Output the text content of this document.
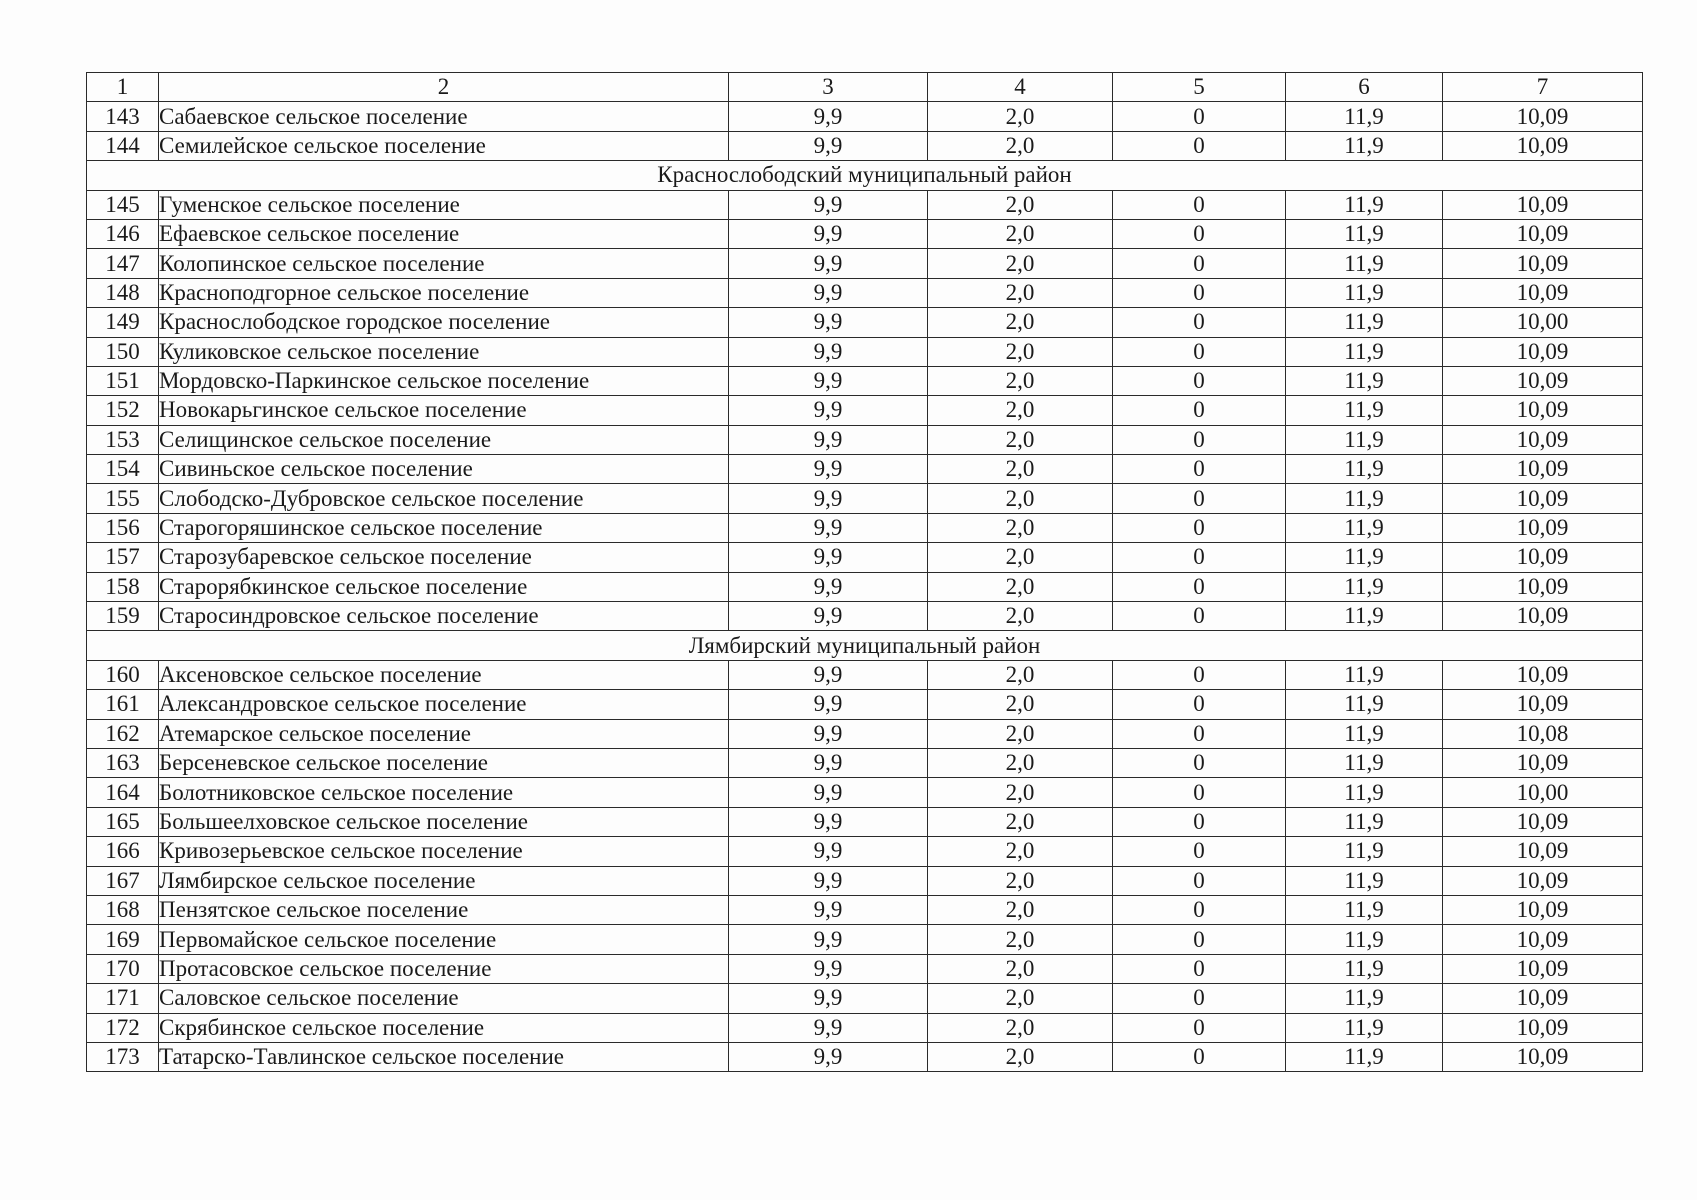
1	2	3	4	5	6	7
143	Сабаевское сельское поселение	9,9	2,0	0	11,9	10,09
144	Семилейское сельское поселение	9,9	2,0	0	11,9	10,09
Краснослободский муниципальный район						
145	Гуменское сельское поселение	9,9	2,0	0	11,9	10,09
146	Ефаевское сельское поселение	9,9	2,0	0	11,9	10,09
147	Колопинское сельское поселение	9,9	2,0	0	11,9	10,09
148	Красноподгорное сельское поселение	9,9	2,0	0	11,9	10,09
149	Краснослободское городское поселение	9,9	2,0	0	11,9	10,00
150	Куликовское сельское поселение	9,9	2,0	0	11,9	10,09
151	Мордовско-Паркинское сельское поселение	9,9	2,0	0	11,9	10,09
152	Новокарьгинское сельское поселение	9,9	2,0	0	11,9	10,09
153	Селищинское сельское поселение	9,9	2,0	0	11,9	10,09
154	Сивиньское сельское поселение	9,9	2,0	0	11,9	10,09
155	Слободско-Дубровское сельское поселение	9,9	2,0	0	11,9	10,09
156	Старогоряшинское сельское поселение	9,9	2,0	0	11,9	10,09
157	Старозубаревское сельское поселение	9,9	2,0	0	11,9	10,09
158	Старорябкинское сельское поселение	9,9	2,0	0	11,9	10,09
159	Старосиндровское сельское поселение	9,9	2,0	0	11,9	10,09
Лямбирский муниципальный район						
160	Аксеновское сельское поселение	9,9	2,0	0	11,9	10,09
161	Александровское сельское поселение	9,9	2,0	0	11,9	10,09
162	Атемарское сельское поселение	9,9	2,0	0	11,9	10,08
163	Берсеневское сельское поселение	9,9	2,0	0	11,9	10,09
164	Болотниковское сельское поселение	9,9	2,0	0	11,9	10,00
165	Большеелховское сельское поселение	9,9	2,0	0	11,9	10,09
166	Кривозерьевское сельское поселение	9,9	2,0	0	11,9	10,09
167	Лямбирское сельское поселение	9,9	2,0	0	11,9	10,09
168	Пензятское сельское поселение	9,9	2,0	0	11,9	10,09
169	Первомайское сельское поселение	9,9	2,0	0	11,9	10,09
170	Протасовское сельское поселение	9,9	2,0	0	11,9	10,09
171	Саловское сельское поселение	9,9	2,0	0	11,9	10,09
172	Скрябинское сельское поселение	9,9	2,0	0	11,9	10,09
173	Татарско-Тавлинское сельское поселение	9,9	2,0	0	11,9	10,09
